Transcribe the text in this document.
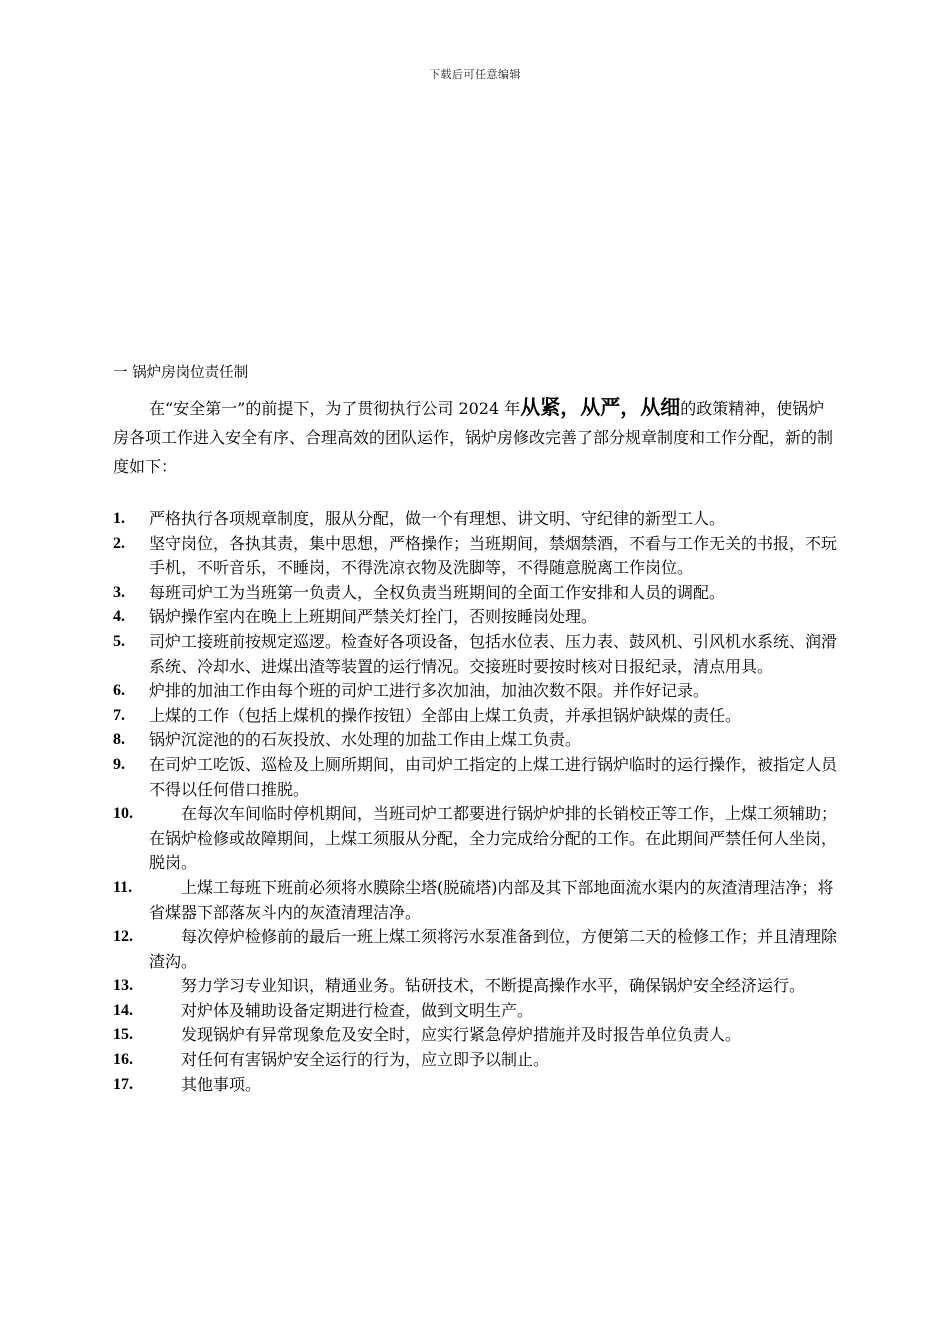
下载后可任意编辑
一 锅炉房岗位责任制
在“安全第一”的前提下，为了贯彻执行公司 2024 年从紧，从严，从细的政策精神，使锅炉房各项工作进入安全有序、合理高效的团队运作，锅炉房修改完善了部分规章制度和工作分配，新的制度如下：
1. 严格执行各项规章制度，服从分配，做一个有理想、讲文明、守纪律的新型工人。
2. 坚守岗位，各执其责，集中思想，严格操作；当班期间，禁烟禁酒，不看与工作无关的书报，不玩手机，不听音乐，不睡岗，不得洗凉衣物及洗脚等，不得随意脱离工作岗位。
3. 每班司炉工为当班第一负责人，全权负责当班期间的全面工作安排和人员的调配。
4. 锅炉操作室内在晚上上班期间严禁关灯拴门，否则按睡岗处理。
5. 司炉工接班前按规定巡逻。检查好各项设备，包括水位表、压力表、鼓风机、引风机水系统、润滑系统、冷却水、进煤出渣等装置的运行情况。交接班时要按时核对日报纪录，清点用具。
6. 炉排的加油工作由每个班的司炉工进行多次加油，加油次数不限。并作好记录。
7. 上煤的工作（包括上煤机的操作按钮）全部由上煤工负责，并承担锅炉缺煤的责任。
8. 锅炉沉淀池的的石灰投放、水处理的加盐工作由上煤工负责。
9. 在司炉工吃饭、巡检及上厕所期间，由司炉工指定的上煤工进行锅炉临时的运行操作，被指定人员不得以任何借口推脱。
10.	在每次车间临时停机期间，当班司炉工都要进行锅炉炉排的长销校正等工作，上煤工须辅助；在锅炉检修或故障期间，上煤工须服从分配，全力完成给分配的工作。在此期间严禁任何人坐岗，脱岗。
11.	上煤工每班下班前必须将水膜除尘塔(脱硫塔)内部及其下部地面流水渠内的灰渣清理洁净；将省煤器下部落灰斗内的灰渣清理洁净。
12.	每次停炉检修前的最后一班上煤工须将污水泵准备到位，方便第二天的检修工作；并且清理除渣沟。
13.	努力学习专业知识，精通业务。钻研技术，不断提高操作水平，确保锅炉安全经济运行。
14.	对炉体及辅助设备定期进行检查，做到文明生产。
15.	发现锅炉有异常现象危及安全时，应实行紧急停炉措施并及时报告单位负责人。
16.	对任何有害锅炉安全运行的行为，应立即予以制止。
17.	其他事项。
